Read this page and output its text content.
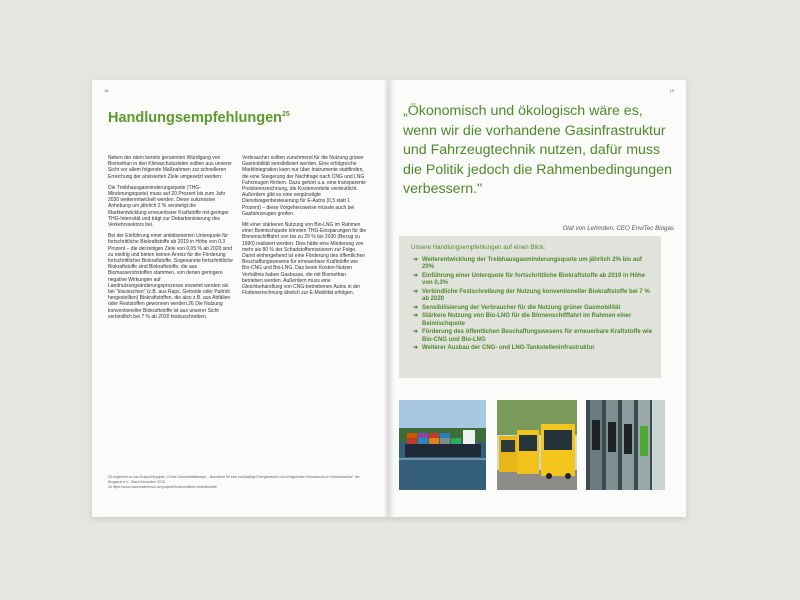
18
Handlungsempfehlungen$^{25}$

Neben der oben bereits genannten Würdigung von Biomethan in den Klimaschutzzielen sollten aus unserer Sicht vor allem folgende Maßnahmen zur schnelleren Erreichung der anvisierten Ziele umgesetzt werden:

Die Treibhausgasminderungsquote (THG-Minderungsquote) muss auf 20 Prozent bis zum Jahr 2030 weiterentwickelt werden. Diese sukzessive Anhebung um jährlich 2 % verstetigt die Marktentwicklung erneuerbarer Kraftstoffe mit geringer THG-Intensität und trägt zur Dekarbonisierung des Verkehrssektors bei.

Bei der Einführung einer ambitionierten Unterquote für fortschrittliche Biokraftstoffe ab 2019 in Höhe von 0,3 Prozent – die derzeitigen Ziele von 0,05 % ab 2020 sind zu niedrig und bieten keinen Anreiz für die Förderung fortschrittlicher Biokraftstoffe. Sogenannte fortschrittliche Biokraftstoffe sind Biokraftstoffe, die aus Biomasserohstoffen stammen, von denen geringere negative Wirkungen auf Landnutzungsänderungsprozesse erwartet werden als bei "klassischen" (z.B. aus Raps, Getreide oder Palmöl hergestellten) Biokraftstoffen, die also z.B. aus Abfällen oder Reststoffen gewonnen werden.26 Die Nutzung konventioneller Biokraftstoffe ist aus unserer Sicht verbindlich bei 7 % ab 2020 festzuschreiben.

Verbraucher sollten zunehmend für die Nutzung grüner Gasmobilität sensibilisiert werden. Eine erfolgreiche Marktintegration kann nur über Instrumente stattfinden, die eine Steigerung der Nachfrage nach CNG und LNG Fahrzeugen fördern. Dazu gehört u.a. eine transparente Preiskennzeichnung, die Kostenvorteile verdeutlicht. Außerdem gibt es eine vergünstigte Dienstwagenbesteuerung für E-Autos (0,5 statt 1 Prozent) – diese Vorgehensweise müsste auch bei Gasfahrzeugen greifen.

Mit einer stärkeren Nutzung von Bio-LNG im Rahmen einer Beimischquote könnten THG-Einsparungen für die Binnenschifffahrt von bis zu 29 % bis 2030 (Bezug zu 1990) realisiert werden. Dies hätte eine Minderung von mehr als 80 % der Schadstoffemissionen zur Folge. Damit einhergehend ist eine Förderung des öffentlichen Beschaffungswesens für erneuerbare Kraftstoffe wie Bio-CNG und Bio-LNG. Das beste Kosten-Nutzen Verhältnis haben Gasbusse, die mit Biomethan betrieben werden. Außerdem muss eine Gleichbehandlung von CNG-betriebenen Autos in der Flottenerrechnung ähnlich zur E-Mobilität erfolgen.

25 Angelehnt an das Eckpunktepapier „Grüne Gasmobilitätswege – Bausteine für eine nachhaltige Energiewende und erfolgreichen Klimaschutz im Verkehrssektor" der Biogasrat e.V., Stand Dezember 2018
26 https://www.naturundmensch.de/projekte/fortschrittliche-biokraftstoffe/
19

„Ökonomisch und ökologisch wäre es, wenn wir die vorhandene Gasinfrastruktur und Fahrzeugtechnik nutzen, dafür muss die Politik jedoch die Rahmenbedingungen verbessern."

Olaf von Lehmden, CEO EnviTec Biogas
Unsere Handlungsempfehlungen auf einen Blick:
➔ Weiterentwicklung der Treibhausgasminderungsquote um jährlich 2% bis auf 20%
➔ Einführung einer Unterquote für fortschrittliche Biokraftstoffe ab 2019 in Höhe von 0,3%
➔ Verbindliche Festschreibung der Nutzung konventioneller Biokraftstoffe bei 7 % ab 2020
➔ Sensibilisierung der Verbraucher für die Nutzung grüner Gasmobilität
➔ Stärkere Nutzung von Bio-LNG für die Binnenschifffahrt im Rahmen einer Beimischquote
➔ Förderung des öffentlichen Beschaffungswesens für erneuerbare Kraftstoffe wie Bio-CNG und Bio-LNG
➔ Weiterer Ausbau der CNG- und LNG-Tankstelleninfrastruktur
